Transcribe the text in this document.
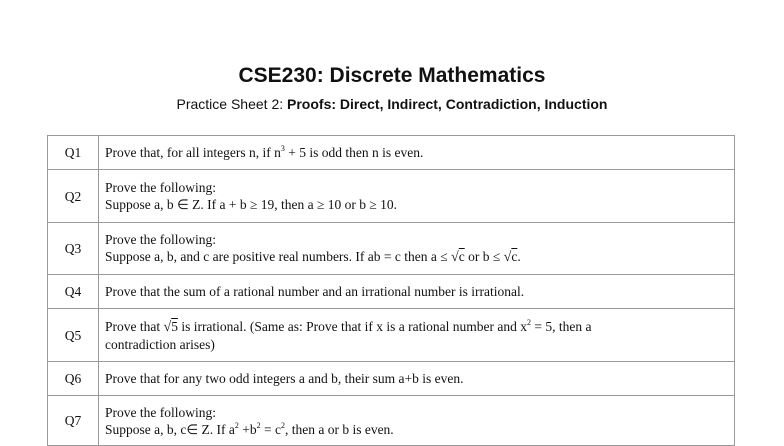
CSE230: Discrete Mathematics
Practice Sheet 2: Proofs: Direct, Indirect, Contradiction, Induction
Q1	Prove that, for all integers n, if $n^3 + 5$ is odd then n is even.
Q2	Prove the following:
Suppose a, b ∈ Z. If a + b ≥ 19, then a ≥ 10 or b ≥ 10.

Q3	Prove the following:
Suppose a, b, and c are positive real numbers. If ab = c then a ≤ √c or b ≤ √c.

Q4	Prove that the sum of a rational number and an irrational number is irrational.
Q5	Prove that √5 is irrational. (Same as: Prove that if x is a rational number and $x^2 = 5$, then a
contradiction arises)

Q6	Prove that for any two odd integers a and b, their sum a+b is even.
Q7	Prove the following:
Suppose a, b, c∈ Z. If $a^2 +b^2 = c^2$, then a or b is even.
